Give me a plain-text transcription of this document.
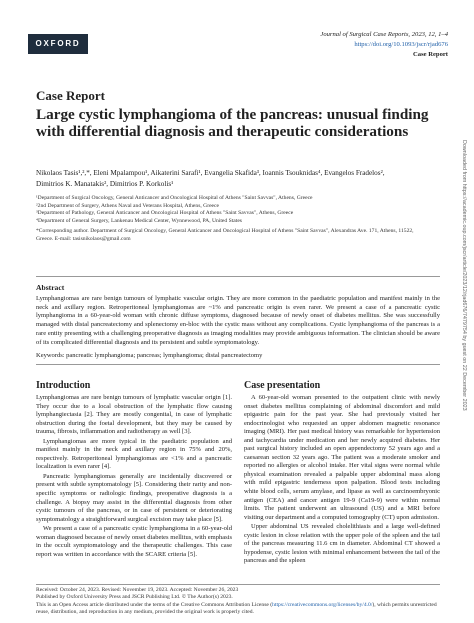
OXFORD
Journal of Surgical Case Reports, 2023, 12, 1–4
https://doi.org/10.1093/jscr/rjad676
Case Report
Case Report
Large cystic lymphangioma of the pancreas: unusual finding with differential diagnosis and therapeutic considerations
Nikolaos Tasis¹,²,*, Eleni Mpalampou¹, Aikaterini Sarafi¹, Evangelia Skafida³, Ioannis Tsouknidas⁴, Evangelos Fradelos²,
Dimitrios K. Manatakis², Dimitrios P. Korkolis¹
¹Department of Surgical Oncology, General Anticancer and Oncological Hospital of Athens "Saint Savvas", Athens, Greece
²2nd Department of Surgery, Athens Naval and Veterans Hospital, Athens, Greece
³Department of Pathology, General Anticancer and Oncological Hospital of Athens "Saint Savvas", Athens, Greece
⁴Department of General Surgery, Lankenau Medical Center, Wynnewood, PA, United States
*Corresponding author. Department of Surgical Oncology, General Anticancer and Oncological Hospital of Athens "Saint Savvas", Alexandras Ave. 171, Athens, 11522, Greece. E-mail: tasisnikolaos@gmail.com
Abstract
Lymphangiomas are rare benign tumours of lymphatic vascular origin. They are more common in the paediatric population and manifest mainly in the neck and axillary region. Retroperitoneal lymphangiomas are ~1% and pancreatic origin is even rarer. We present a case of a pancreatic cystic lymphangioma in a 60-year-old woman with chronic diffuse symptoms, diagnosed because of newly onset of diabetes mellitus. She was successfully managed with distal pancreatectomy and splenectomy en-bloc with the cystic mass without any complications. Cystic lymphangioma of the pancreas is a rare entity presenting with a challenging preoperative diagnosis as imaging modalities may provide ambiguous information. The clinician should be aware of its complicated differential diagnosis and its persistent and subtle symptomatology.
Keywords: pancreatic lymphangioma; pancreas; lymphangioma; distal pancreatectomy
Introduction

Lymphangiomas are rare benign tumours of lymphatic vascular origin [1]. They occur due to a local obstruction of the lymphatic flow causing lymphangiectasia [2]. They are mostly congenital, in case of lymphatic obstruction during the foetal development, but they may be caused by trauma, fibrosis, inflammation and radiotherapy as well [3].

Lymphangiomas are more typical in the paediatric population and manifest mainly in the neck and axillary region in 75% and 20%, respectively. Retroperitoneal lymphangiomas are <1% and a pancreatic localization is even rarer [4].

Pancreatic lymphangiomas generally are incidentally discovered or present with subtle symptomatology [5]. Considering their rarity and non-specific symptoms or radiologic findings, preoperative diagnosis is a challenge. A biopsy may assist in the differential diagnosis from other cystic tumours of the pancreas, or in case of persistent or deteriorating symptomatology a straightforward surgical excision may take place [5].

We present a case of a pancreatic cystic lymphangioma in a 60-year-old woman diagnosed because of newly onset diabetes mellitus, with emphasis in the occult symptomatology and the therapeutic challenges. This case report was written in accordance with the SCARE criteria [5].

Case presentation

A 60-year-old woman presented to the outpatient clinic with newly onset diabetes mellitus complaining of abdominal discomfort and mild epigastric pain for the past year. She had previously visited her endocrinologist who requested an upper abdomen magnetic resonance imaging (MRI). Her past medical history was remarkable for hypertension and tachycardia under medication and her newly acquired diabetes. Her past surgical history included an open appendectomy 52 years ago and a caesarean section 32 years ago. The patient was a moderate smoker and reported no allergies or alcohol intake. Her vital signs were normal while physical examination revealed a palpable upper abdominal mass along with mild epigastric tenderness upon palpation. Blood tests including white blood cells, serum amylase, and lipase as well as carcinoembryonic antigen (CEA) and cancer antigen 19-9 (Ca19-9) were within normal limits. The patient underwent an ultrasound (US) and a MRI before visiting our department and a computed tomography (CT) upon admission.

Upper abdominal US revealed cholelithiasis and a large well-defined cystic lesion in close relation with the upper pole of the spleen and the tail of the pancreas measuring 11.6 cm in diameter. Abdominal CT showed a hypodense, cystic lesion with minimal enhancement between the tail of the pancreas and the spleen

Received: October 24, 2023. Revised: November 19, 2023. Accepted: November 26, 2023
Published by Oxford University Press and JSCR Publishing Ltd. © The Author(s) 2023.
This is an Open Access article distributed under the terms of the Creative Commons Attribution License (https://creativecommons.org/licenses/by/4.0/), which permits unrestricted reuse, distribution, and reproduction in any medium, provided the original work is properly cited.
Downloaded from https://academic.oup.com/jscr/article/2023/12/rjad676/7479754 by guest on 22 December 2023
